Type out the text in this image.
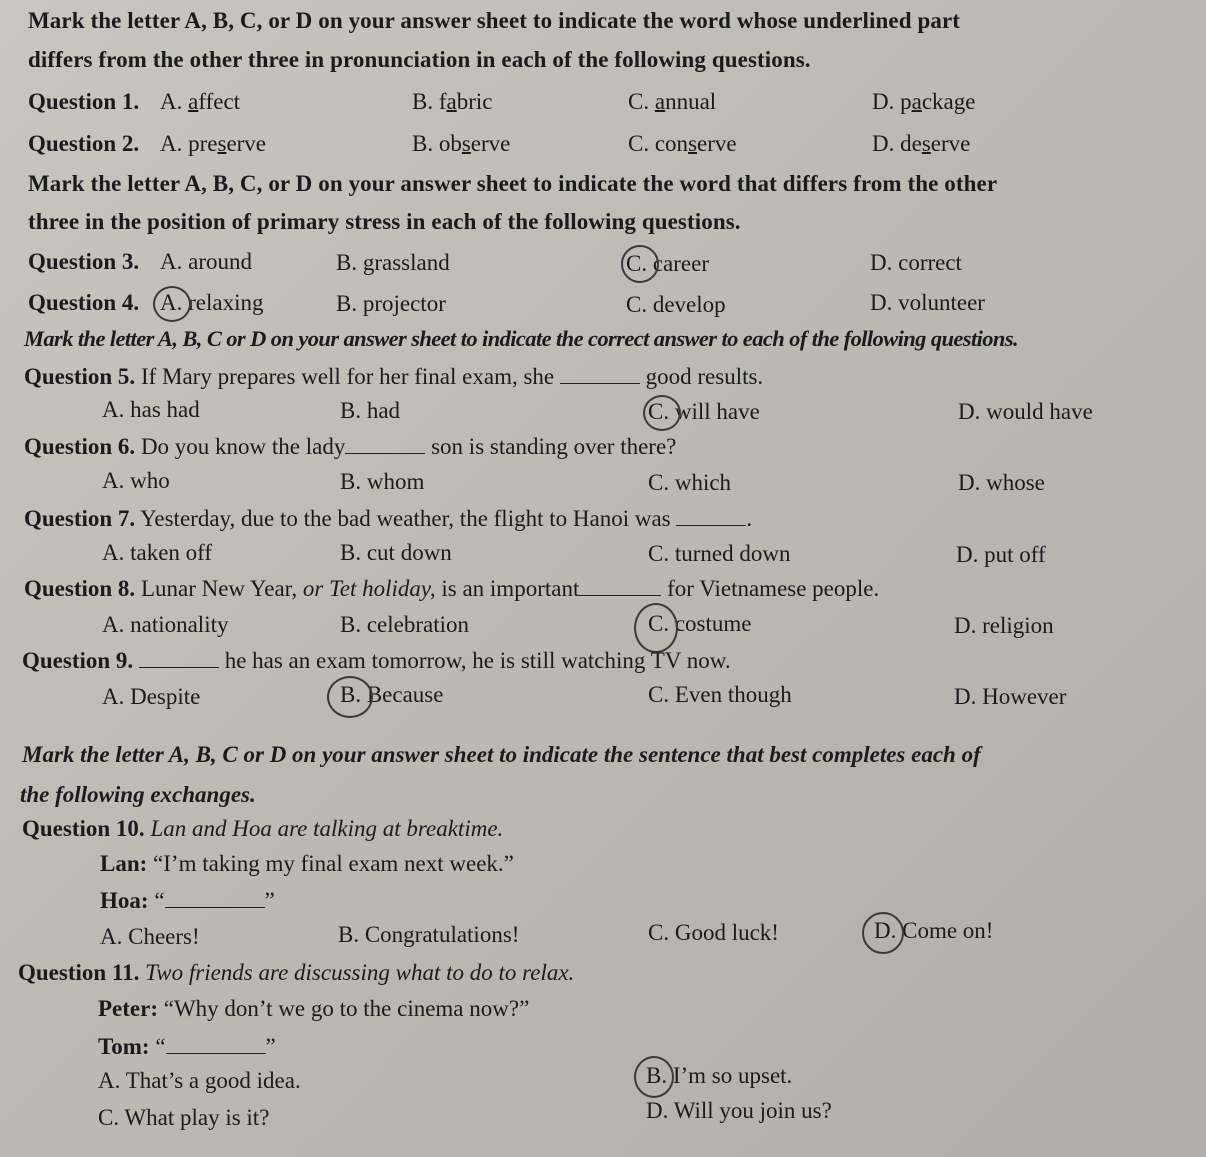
Mark the letter A, B, C, or D on your answer sheet to indicate the word whose underlined part
differs from the other three in pronunciation in each of the following questions.
Question 1. A. affect	B. fabric	C. annual	D. package
Question 2. A. preserve	B. observe	C. conserve	D. deserve
Mark the letter A, B, C, or D on your answer sheet to indicate the word that differs from the other
three in the position of primary stress in each of the following questions.
Question 3. A. around	B. grassland	C. career	D. correct
Question 4. A. relaxing	B. projector	C. develop	D. volunteer
Mark the letter A, B, C or D on your answer sheet to indicate the correct answer to each of the following questions.
Question 5. If Mary prepares well for her final exam, she	good results.
A. has had	B. had	C. will have	D. would have
Question 6. Do you know the lady	son is standing over there?
A. who	B. whom	C. which	D. whose
Question 7. Yesterday, due to the bad weather, the flight to Hanoi was	.
A. taken off	B. cut down	C. turned down	D. put off
Question 8. Lunar New Year, or Tet holiday, is an important	for Vietnamese people.
A. nationality	B. celebration	C. costume	D. religion
Question 9.	he has an exam tomorrow, he is still watching TV now.
A. Despite	B. Because	C. Even though	D. However
Mark the letter A, B, C or D on your answer sheet to indicate the sentence that best completes each of
the following exchanges.
Question 10. Lan and Hoa are talking at breaktime.
Lan: “I’m taking my final exam next week.”
Hoa: “	”
A. Cheers!	B. Congratulations!	C. Good luck!	D. Come on!
Question 11. Two friends are discussing what to do to relax.
Peter: “Why don’t we go to the cinema now?”
Tom: “	”
A. That’s a good idea.	B. I’m so upset.
C. What play is it?	D. Will you join us?
